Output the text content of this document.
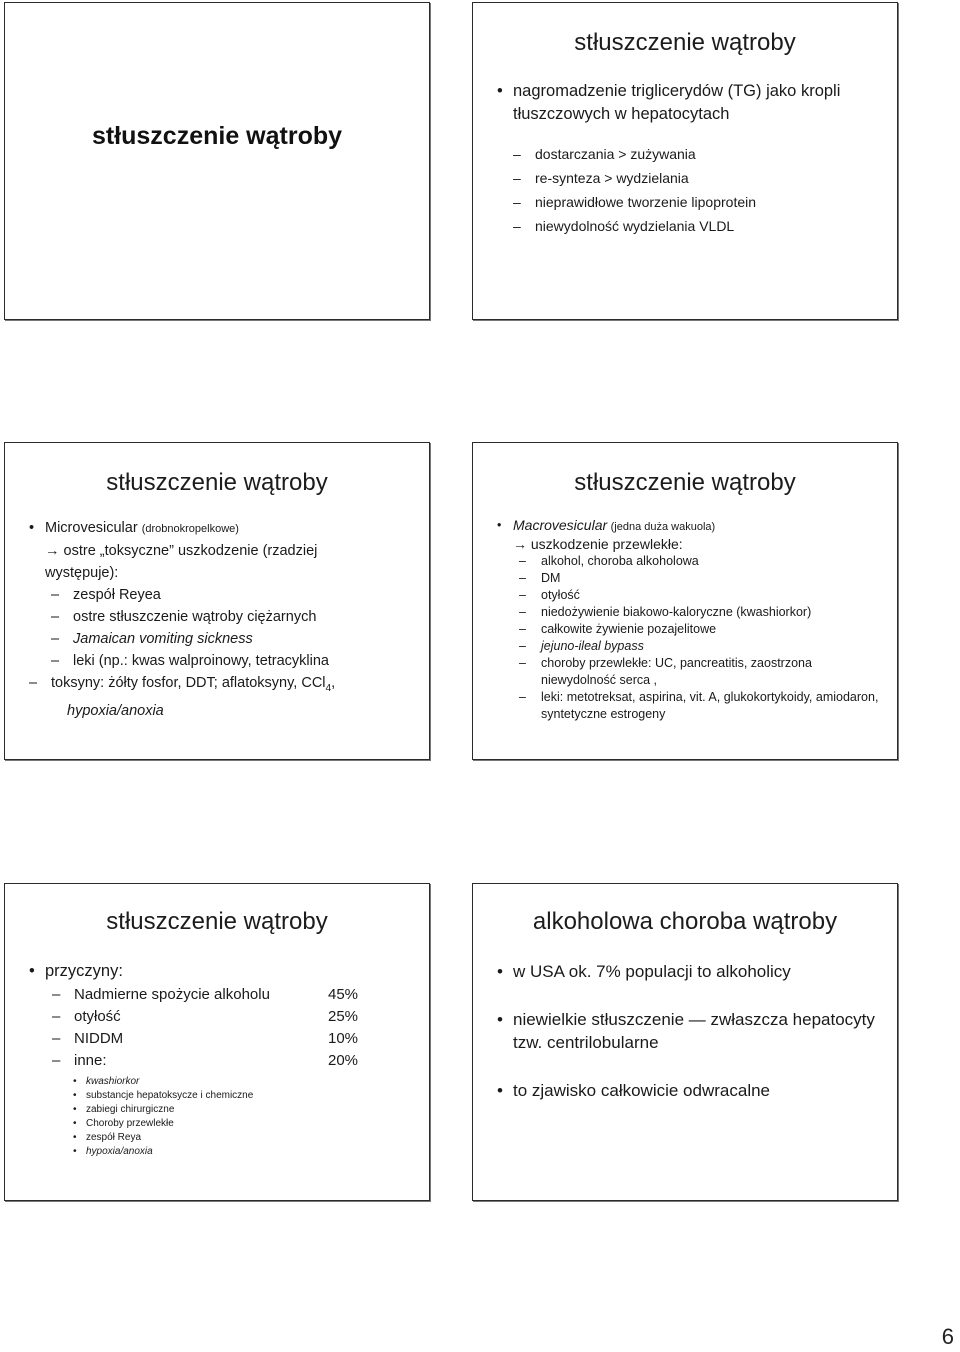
stłuszczenie wątroby
stłuszczenie wątroby
• nagromadzenie triglicerydów (TG) jako kropli tłuszczowych w hepatocytach
– dostarczania > zużywania
– re-synteza > wydzielania
– nieprawidłowe tworzenie lipoprotein
– niewydolność wydzielania VLDL
stłuszczenie wątroby
• Microvesicular (drobnokropelkowe)
→ ostre „toksyczne” uszkodzenie (rzadziej
występuje):
– zespół Reyea
– ostre stłuszczenie wątroby ciężarnych
– Jamaican vomiting sickness
– leki (np.: kwas walproinowy, tetracyklina
– toksyny: żółty fosfor, DDT; aflatoksyny, CCl$_4$,
hypoxia/anoxia
stłuszczenie wątroby
• Macrovesicular (jedna duża wakuola)
→ uszkodzenie przewlekłe:
– alkohol, choroba alkoholowa
– DM
– otyłość
– niedożywienie biakowo-kaloryczne (kwashiorkor)
– całkowite żywienie pozajelitowe
– jejuno-ileal bypass
– choroby przewlekłe: UC, pancreatitis, zaostrzona niewydolność serca ,
– leki: metotreksat, aspirina, vit. A, glukokortykoidy, amiodaron, syntetyczne estrogeny
stłuszczenie wątroby
• przyczyny:
– Nadmierne spożycie alkoholu	45%
– otyłość	25%
– NIDDM	10%
– inne:	20%
• kwashiorkor
• substancje hepatoksycze i chemiczne
• zabiegi chirurgiczne
• Choroby przewlekłe
• zespół Reya
• hypoxia/anoxia
alkoholowa choroba wątroby
• w USA ok. 7% populacji to alkoholicy
• niewielkie stłuszczenie — zwłaszcza hepatocyty tzw. centrilobularne
• to zjawisko całkowicie odwracalne
6
